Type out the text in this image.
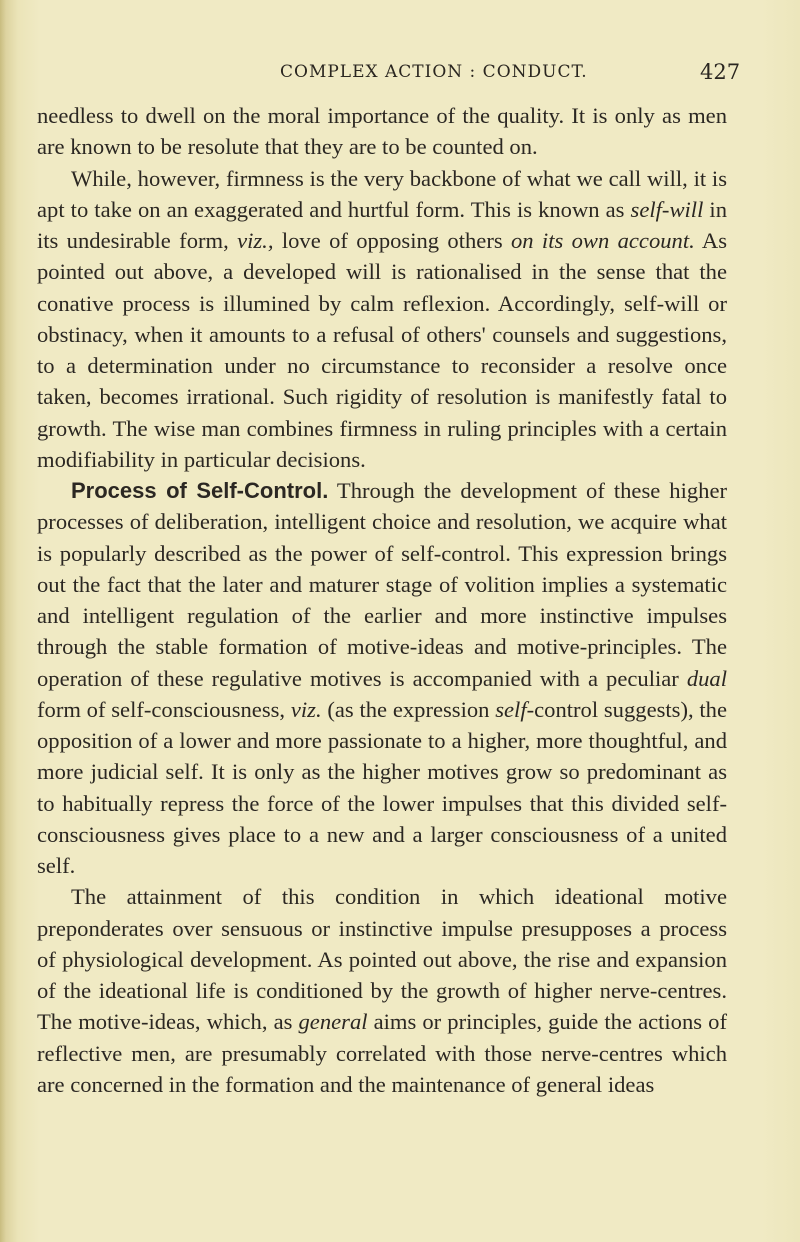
COMPLEX ACTION : CONDUCT.	427

needless to dwell on the moral importance of the quality. It is only as men are known to be resolute that they are to be counted on.

While, however, firmness is the very backbone of what we call will, it is apt to take on an exaggerated and hurtful form. This is known as self-will in its undesirable form, viz., love of opposing others on its own account. As pointed out above, a developed will is rationalised in the sense that the conative process is illumined by calm reflexion. Accordingly, self-will or obstinacy, when it amounts to a refusal of others' counsels and suggestions, to a determination under no circumstance to reconsider a resolve once taken, becomes irrational. Such rigidity of resolution is manifestly fatal to growth. The wise man combines firmness in ruling principles with a certain modifiability in particular decisions.

Process of Self-Control. Through the development of these higher processes of deliberation, intelligent choice and resolution, we acquire what is popularly described as the power of self-control. This expression brings out the fact that the later and maturer stage of volition implies a systematic and intelligent regulation of the earlier and more instinctive impulses through the stable formation of motive-ideas and motive-principles. The operation of these regulative motives is accompanied with a peculiar dual form of self-consciousness, viz. (as the expression self-control suggests), the opposition of a lower and more passionate to a higher, more thoughtful, and more judicial self. It is only as the higher motives grow so predominant as to habitually repress the force of the lower impulses that this divided self-consciousness gives place to a new and a larger consciousness of a united self.

The attainment of this condition in which ideational motive preponderates over sensuous or instinctive impulse presupposes a process of physiological development. As pointed out above, the rise and expansion of the ideational life is conditioned by the growth of higher nerve-centres. The motive-ideas, which, as general aims or principles, guide the actions of reflective men, are presumably correlated with those nerve-centres which are concerned in the formation and the maintenance of general ideas
